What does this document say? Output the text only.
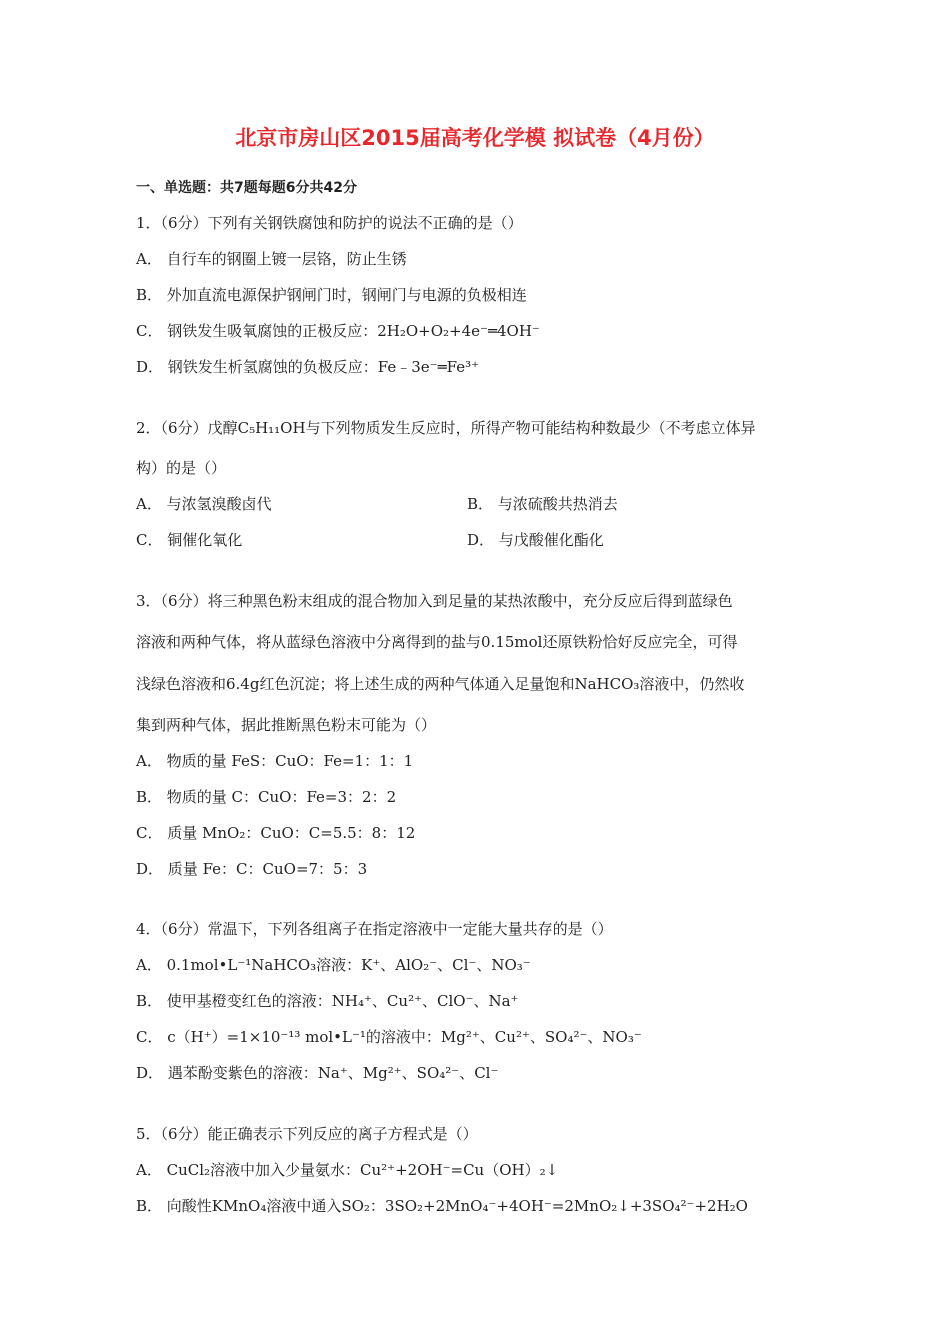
北京市房山区2015届高考化学模 拟试卷（4月份）
一、单选题：共7题每题6分共42分
1．（6分）下列有关钢铁腐蚀和防护的说法不正确的是（）
A． 自行车的钢圈上镀一层铬，防止生锈
B． 外加直流电源保护钢闸门时，钢闸门与电源的负极相连
C． 钢铁发生吸氧腐蚀的正极反应：2H₂O+O₂+4e⁻═4OH⁻
D． 钢铁发生析氢腐蚀的负极反应：Fe﹣3e⁻═Fe³⁺
2．（6分）戊醇C₅H₁₁OH与下列物质发生反应时，所得产物可能结构种数最少（不考虑立体异
构）的是（）
A． 与浓氢溴酸卤代	B． 与浓硫酸共热消去
C． 铜催化氧化	D． 与戊酸催化酯化
3．（6分）将三种黑色粉末组成的混合物加入到足量的某热浓酸中，充分反应后得到蓝绿色
溶液和两种气体，将从蓝绿色溶液中分离得到的盐与0.15mol还原铁粉恰好反应完全，可得
浅绿色溶液和6.4g红色沉淀；将上述生成的两种气体通入足量饱和NaHCO₃溶液中，仍然收
集到两种气体，据此推断黑色粉末可能为（）
A． 物质的量 FeS：CuO：Fe=1：1：1
B． 物质的量 C：CuO：Fe=3：2：2
C． 质量 MnO₂：CuO：C=5.5：8：12
D． 质量 Fe：C：CuO=7：5：3
4．（6分）常温下，下列各组离子在指定溶液中一定能大量共存的是（）
A． 0.1mol•L⁻¹NaHCO₃溶液：K⁺、AlO₂⁻、Cl⁻、NO₃⁻
B． 使甲基橙变红色的溶液：NH₄⁺、Cu²⁺、ClO⁻、Na⁺
C． c（H⁺）=1×10⁻¹³ mol•L⁻¹的溶液中：Mg²⁺、Cu²⁺、SO₄²⁻、NO₃⁻
D． 遇苯酚变紫色的溶液：Na⁺、Mg²⁺、SO₄²⁻、Cl⁻
5．（6分）能正确表示下列反应的离子方程式是（）
A． CuCl₂溶液中加入少量氨水：Cu²⁺+2OH⁻=Cu（OH）₂↓
B． 向酸性KMnO₄溶液中通入SO₂：3SO₂+2MnO₄⁻+4OH⁻=2MnO₂↓+3SO₄²⁻+2H₂O
